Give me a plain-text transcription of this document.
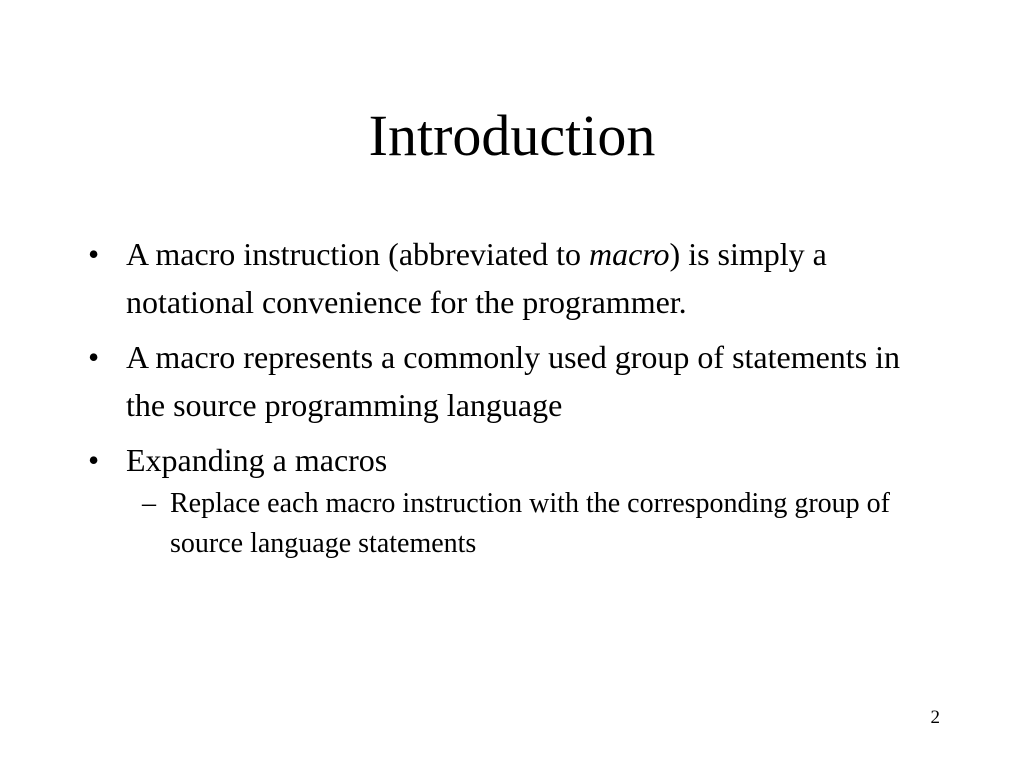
Introduction
• A macro instruction (abbreviated to macro) is simply a notational convenience for the programmer.
• A macro represents a commonly used group of statements in the source programming language
• Expanding a macros
– Replace each macro instruction with the corresponding group of source language statements
2
